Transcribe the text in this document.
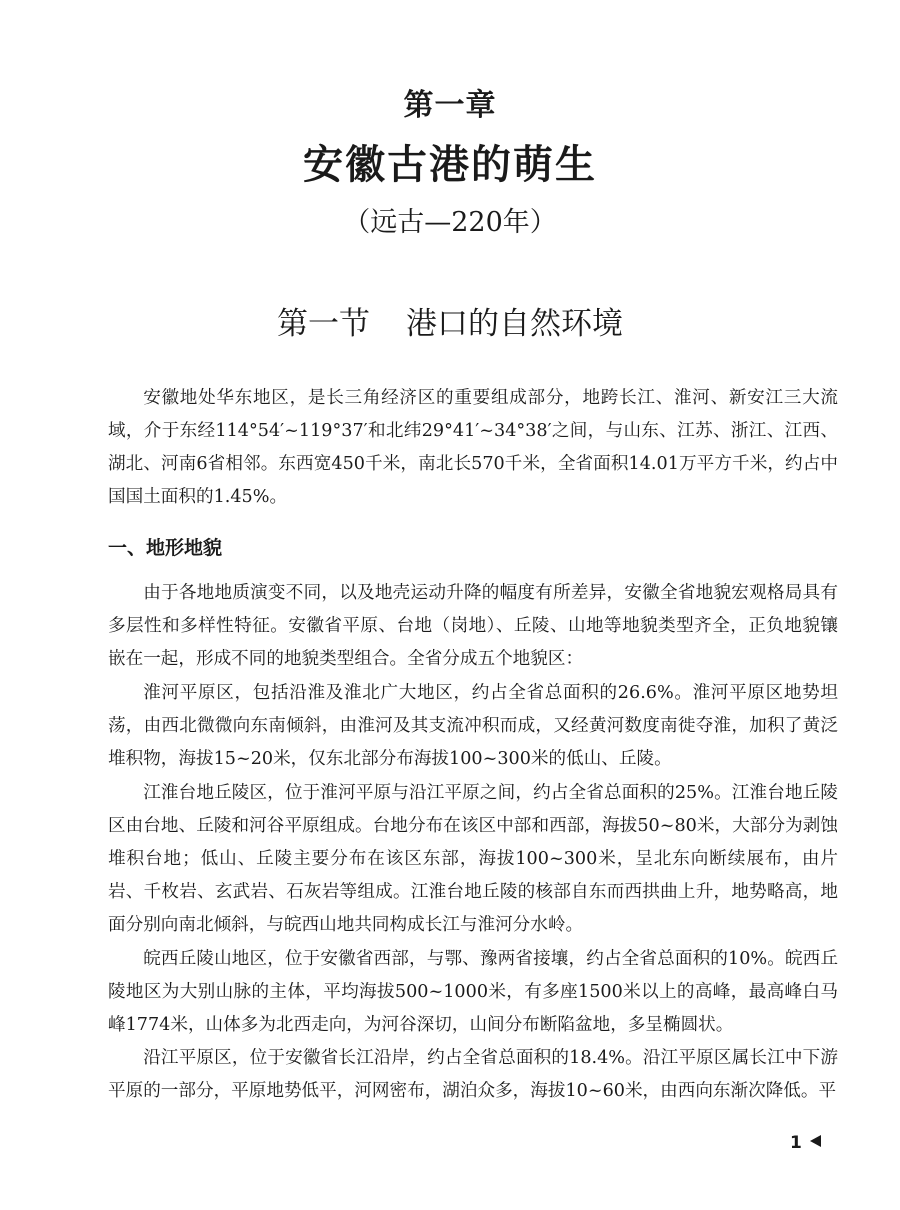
第一章
安徽古港的萌生
（远古—220年）
第一节 港口的自然环境

安徽地处华东地区，是长三角经济区的重要组成部分，地跨长江、淮河、新安江三大流域，介于东经114°54′~119°37′和北纬29°41′~34°38′之间，与山东、江苏、浙江、江西、湖北、河南6省相邻。东西宽450千米，南北长570千米，全省面积14.01万平方千米，约占中国国土面积的1.45%。

一、地形地貌

由于各地地质演变不同，以及地壳运动升降的幅度有所差异，安徽全省地貌宏观格局具有多层性和多样性特征。安徽省平原、台地（岗地）、丘陵、山地等地貌类型齐全，正负地貌镶嵌在一起，形成不同的地貌类型组合。全省分成五个地貌区：

淮河平原区，包括沿淮及淮北广大地区，约占全省总面积的26.6%。淮河平原区地势坦荡，由西北微微向东南倾斜，由淮河及其支流冲积而成，又经黄河数度南徙夺淮，加积了黄泛堆积物，海拔15~20米，仅东北部分布海拔100~300米的低山、丘陵。

江淮台地丘陵区，位于淮河平原与沿江平原之间，约占全省总面积的25%。江淮台地丘陵区由台地、丘陵和河谷平原组成。台地分布在该区中部和西部，海拔50~80米，大部分为剥蚀堆积台地；低山、丘陵主要分布在该区东部，海拔100~300米，呈北东向断续展布，由片岩、千枚岩、玄武岩、石灰岩等组成。江淮台地丘陵的核部自东而西拱曲上升，地势略高，地面分别向南北倾斜，与皖西山地共同构成长江与淮河分水岭。

皖西丘陵山地区，位于安徽省西部，与鄂、豫两省接壤，约占全省总面积的10%。皖西丘陵地区为大别山脉的主体，平均海拔500~1000米，有多座1500米以上的高峰，最高峰白马峰1774米，山体多为北西走向，为河谷深切，山间分布断陷盆地，多呈椭圆状。

沿江平原区，位于安徽省长江沿岸，约占全省总面积的18.4%。沿江平原区属长江中下游平原的一部分，平原地势低平，河网密布，湖泊众多，海拔10~60米，由西向东渐次降低。平

1
